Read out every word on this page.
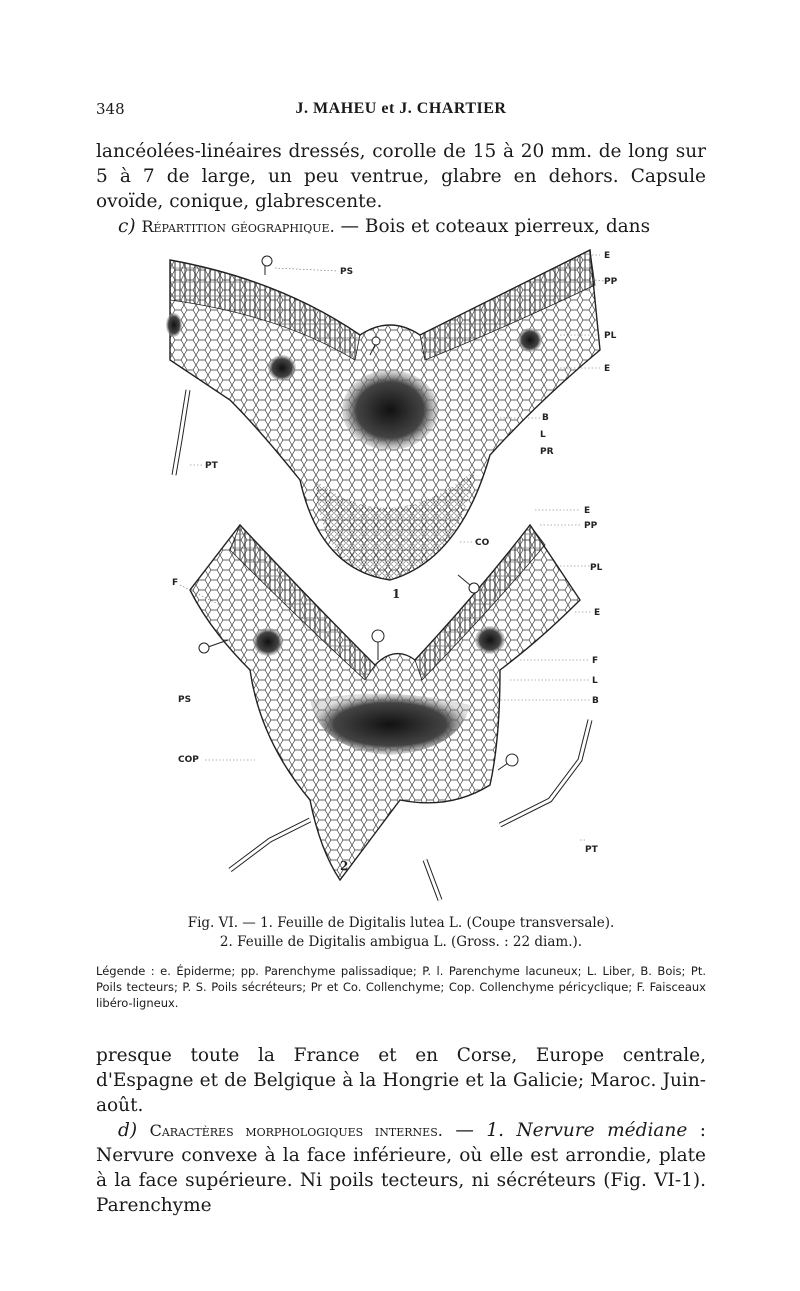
348	J. MAHEU et J. CHARTIER

lancéolées-linéaires dressés, corolle de 15 à 20 mm. de long sur 5 à 7 de large, un peu ventrue, glabre en dehors. Capsule ovoïde, conique, glabrescente.

c) Répartition géographique. — Bois et coteaux pierreux, dans

PS
E
PP
PL
E
B
L
PR
PT
CO
1
E
PP
PL
E
F
F
L
B
PS
COP
PT
2
Fig. VI. — 1. Feuille de Digitalis lutea L. (Coupe transversale).
2. Feuille de Digitalis ambigua L. (Gross. : 22 diam.).
Légende : e. Épiderme; pp. Parenchyme palissadique; P. l. Parenchyme lacuneux; L. Liber, B. Bois; Pt. Poils tecteurs; P. S. Poils sécréteurs; Pr et Co. Collenchyme; Cop. Collenchyme péricyclique; F. Faisceaux libéro-ligneux.

presque toute la France et en Corse, Europe centrale, d'Espagne et de Belgique à la Hongrie et la Galicie; Maroc. Juin-août.

d) Caractères morphologiques internes. — 1. Nervure médiane : Nervure convexe à la face inférieure, où elle est arrondie, plate à la face supérieure. Ni poils tecteurs, ni sécréteurs (Fig. VI-1). Parenchyme
